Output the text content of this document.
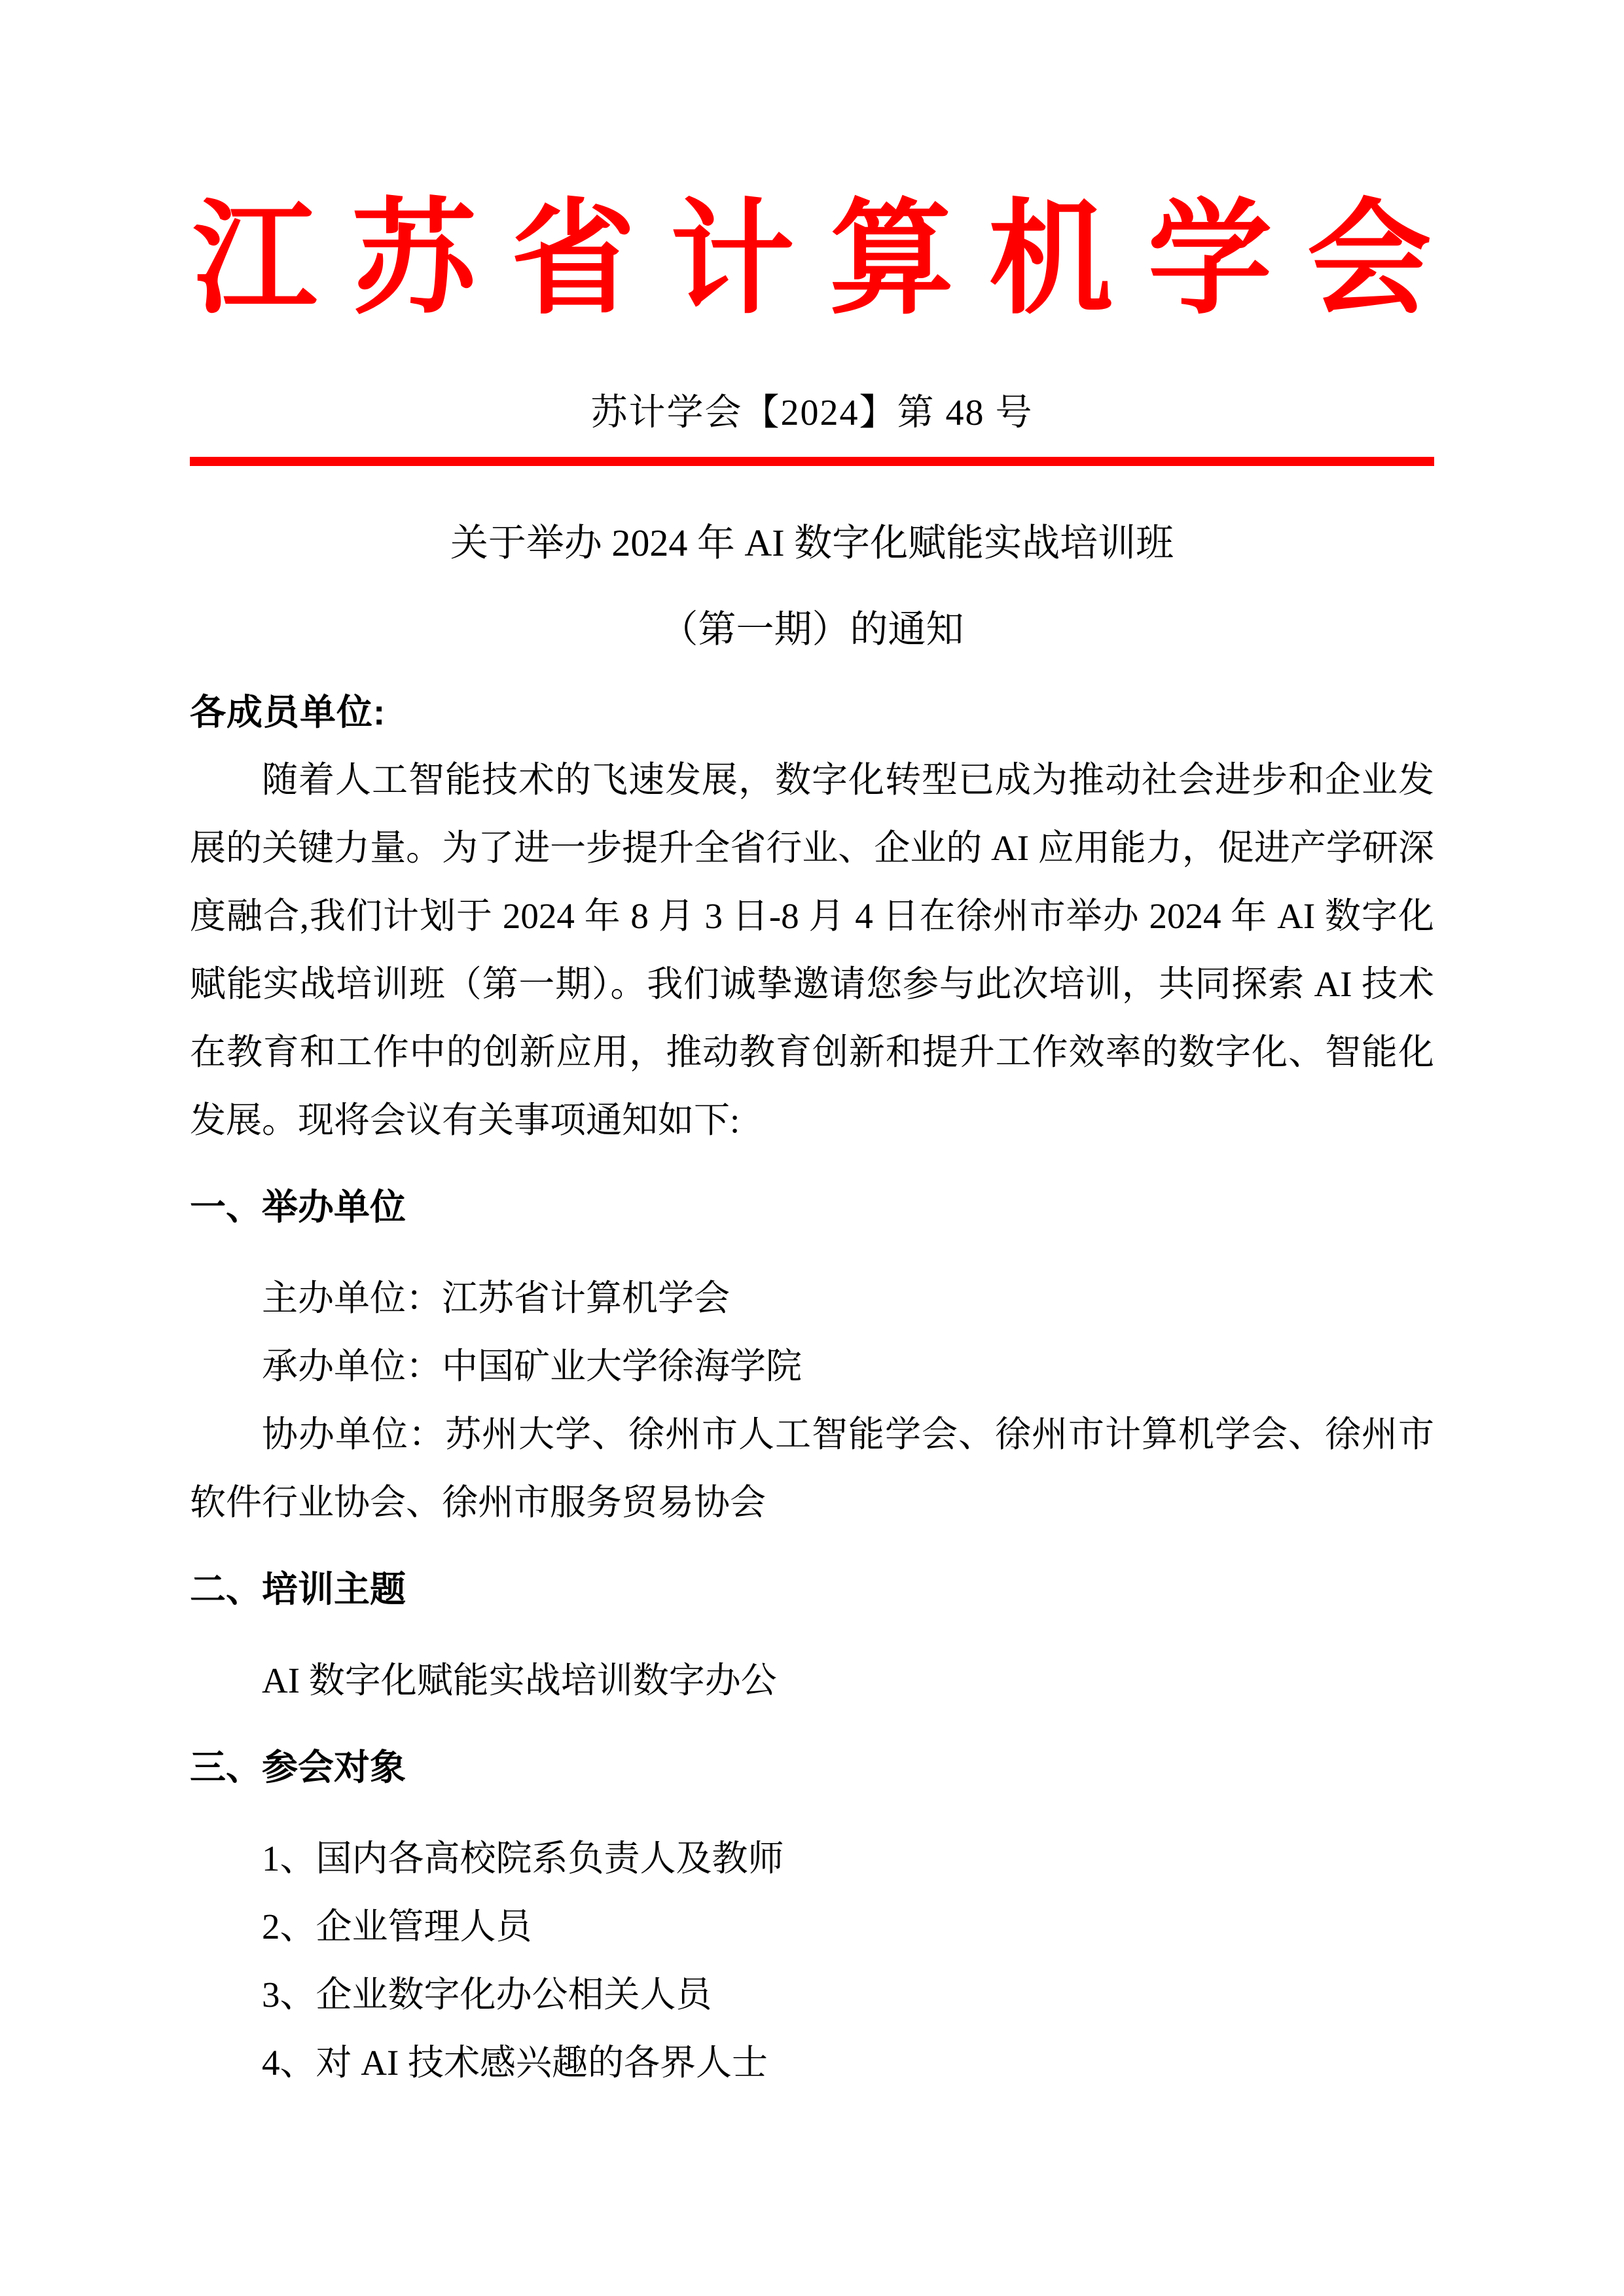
江苏省计算机学会
苏计学会【2024】第 48 号
关于举办 2024 年 AI 数字化赋能实战培训班
（第一期）的通知

各成员单位:

随着人工智能技术的飞速发展，数字化转型已成为推动社会进步和企业发展的关键力量。为了进一步提升全省行业、企业的 AI 应用能力，促进产学研深度融合,我们计划于 2024 年 8 月 3 日-8 月 4 日在徐州市举办 2024 年 AI 数字化赋能实战培训班（第一期）。我们诚挚邀请您参与此次培训，共同探索 AI 技术在教育和工作中的创新应用，推动教育创新和提升工作效率的数字化、智能化发展。现将会议有关事项通知如下:

一、举办单位

主办单位：江苏省计算机学会

承办单位：中国矿业大学徐海学院

协办单位：苏州大学、徐州市人工智能学会、徐州市计算机学会、徐州市软件行业协会、徐州市服务贸易协会

二、培训主题

AI 数字化赋能实战培训数字办公

三、参会对象

1、国内各高校院系负责人及教师

2、企业管理人员

3、企业数字化办公相关人员

4、对 AI 技术感兴趣的各界人士
